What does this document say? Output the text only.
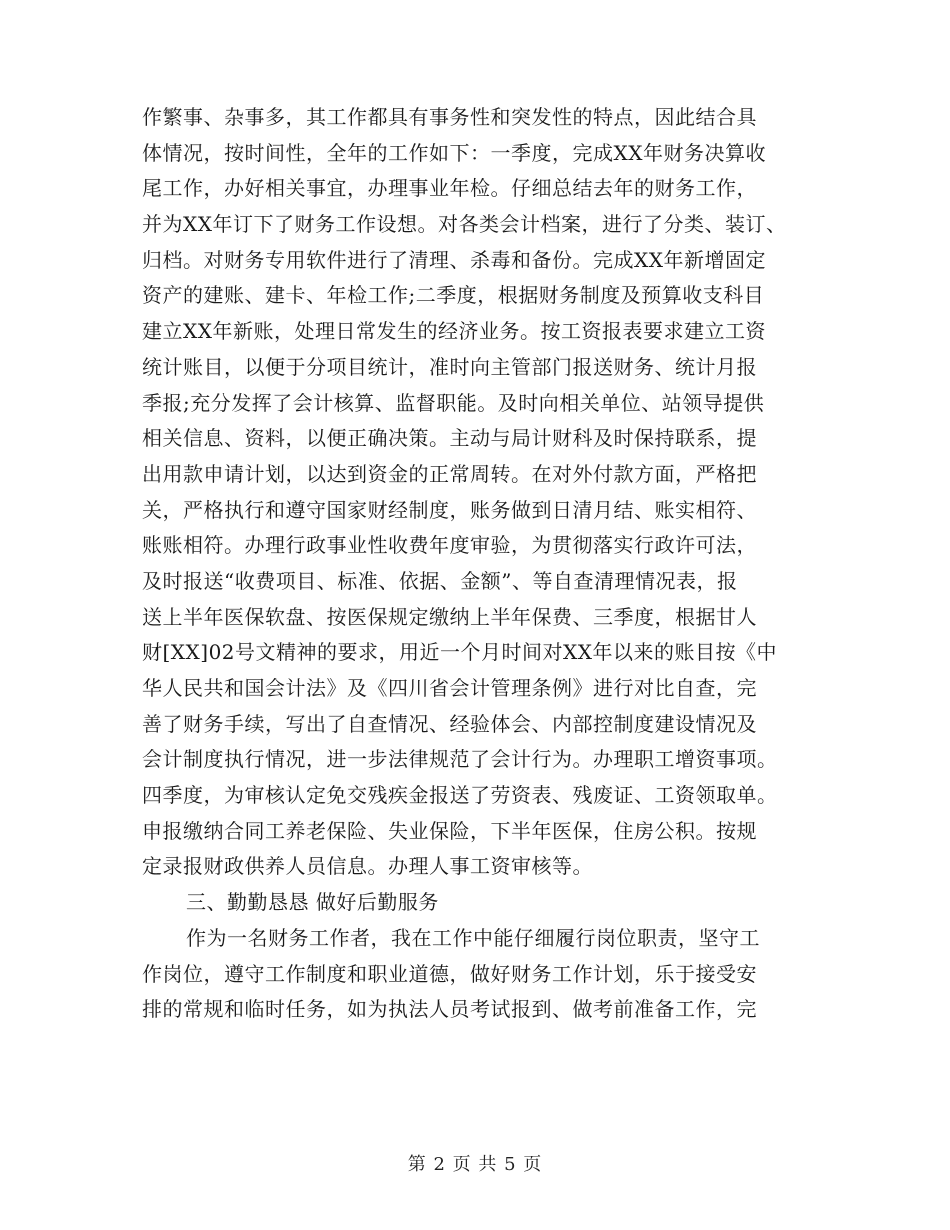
作繁事、杂事多，其工作都具有事务性和突发性的特点，因此结合具
体情况，按时间性，全年的工作如下：一季度，完成XX年财务决算收
尾工作，办好相关事宜，办理事业年检。仔细总结去年的财务工作，
并为XX年订下了财务工作设想。对各类会计档案，进行了分类、装订、
归档。对财务专用软件进行了清理、杀毒和备份。完成XX年新增固定
资产的建账、建卡、年检工作;二季度，根据财务制度及预算收支科目
建立XX年新账，处理日常发生的经济业务。按工资报表要求建立工资
统计账目，以便于分项目统计，准时向主管部门报送财务、统计月报
季报;充分发挥了会计核算、监督职能。及时向相关单位、站领导提供
相关信息、资料，以便正确决策。主动与局计财科及时保持联系，提
出用款申请计划，以达到资金的正常周转。在对外付款方面，严格把
关，严格执行和遵守国家财经制度，账务做到日清月结、账实相符、
账账相符。办理行政事业性收费年度审验，为贯彻落实行政许可法，
及时报送“收费项目、标准、依据、金额”、等自查清理情况表，报
送上半年医保软盘、按医保规定缴纳上半年保费、三季度，根据甘人
财[XX]02号文精神的要求，用近一个月时间对XX年以来的账目按《中
华人民共和国会计法》及《四川省会计管理条例》进行对比自查，完
善了财务手续，写出了自查情况、经验体会、内部控制度建设情况及
会计制度执行情况，进一步法律规范了会计行为。办理职工增资事项。
四季度，为审核认定免交残疾金报送了劳资表、残废证、工资领取单。
申报缴纳合同工养老保险、失业保险，下半年医保，住房公积。按规
定录报财政供养人员信息。办理人事工资审核等。
三、勤勤恳恳 做好后勤服务
作为一名财务工作者，我在工作中能仔细履行岗位职责，坚守工
作岗位，遵守工作制度和职业道德，做好财务工作计划，乐于接受安
排的常规和临时任务，如为执法人员考试报到、做考前准备工作，完
第 2 页 共 5 页
